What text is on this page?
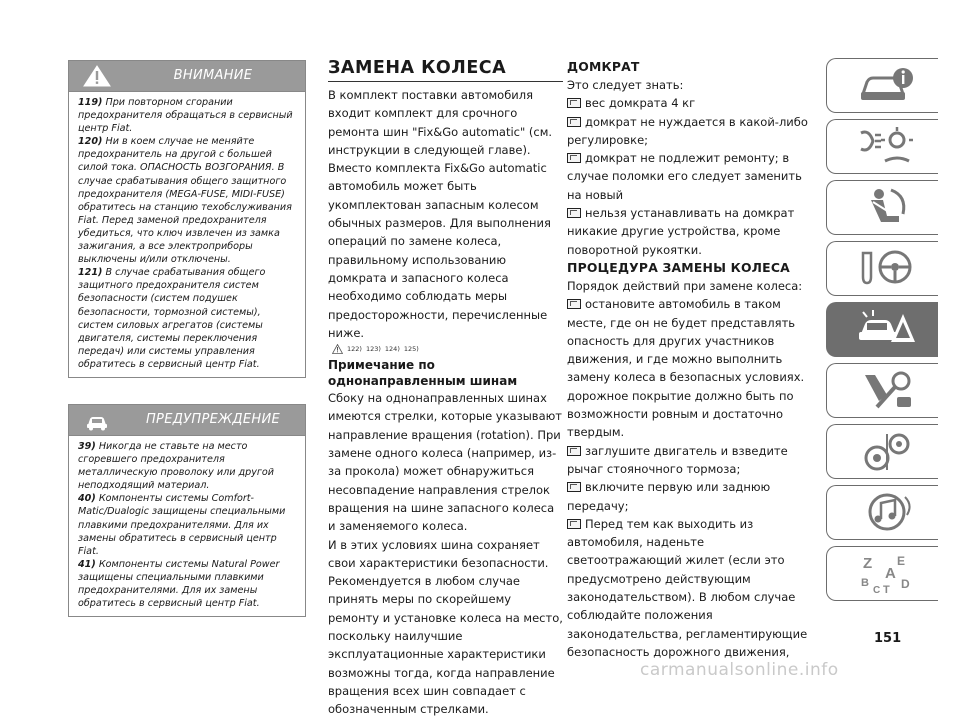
ВНИМАНИЕ

119) При повторном сгорании предохранителя обращаться в сервисный центр Fiat.

120) Ни в коем случае не меняйте предохранитель на другой с большей силой тока. ОПАСНОСТЬ ВОЗГОРАНИЯ. В случае срабатывания общего защитного предохранителя (MEGA-FUSE, MIDI-FUSE) обратитесь на станцию техобслуживания Fiat. Перед заменой предохранителя убедиться, что ключ извлечен из замка зажигания, а все электроприборы выключены и/или отключены.

121) В случае срабатывания общего защитного предохранителя систем безопасности (систем подушек безопасности, тормозной системы), систем силовых агрегатов (системы двигателя, системы переключения передач) или системы управления обратитесь в сервисный центр Fiat.

ПРЕДУПРЕЖДЕНИЕ

39) Никогда не ставьте на место сгоревшего предохранителя металлическую проволоку или другой неподходящий материал.

40) Компоненты системы Comfort-Matic/Dualogic защищены специальными плавкими предохранителями. Для их замены обратитесь в сервисный центр Fiat.

41) Компоненты системы Natural Power защищены специальными плавкими предохранителями. Для их замены обратитесь в сервисный центр Fiat.

ЗАМЕНА КОЛЕСА

В комплект поставки автомобиля входит комплект для срочного ремонта шин "Fix&Go automatic" (см. инструкции в следующей главе). Вместо комплекта Fix&Go automatic автомобиль может быть укомплектован запасным колесом обычных размеров. Для выполнения операций по замене колеса, правильному использованию домкрата и запасного колеса необходимо соблюдать меры предосторожности, перечисленные ниже.

122) 123) 124) 125)
Примечание по однонаправленным шинам

Сбоку на однонаправленных шинах имеются стрелки, которые указывают направление вращения (rotation). При замене одного колеса (например, из-за прокола) может обнаружиться несовпадение направления стрелок вращения на шине запасного колеса и заменяемого колеса.

И в этих условиях шина сохраняет свои характеристики безопасности. Рекомендуется в любом случае принять меры по скорейшему ремонту и установке колеса на место, поскольку наилучшие эксплуатационные характеристики возможны тогда, когда направление вращения всех шин совпадает с обозначенным стрелками.

ДОМКРАТ

Это следует знать:

вес домкрата 4 кг

домкрат не нуждается в какой-либо регулировке;

домкрат не подлежит ремонту; в случае поломки его следует заменить на новый

нельзя устанавливать на домкрат никакие другие устройства, кроме поворотной рукоятки.

ПРОЦЕДУРА ЗАМЕНЫ КОЛЕСА

Порядок действий при замене колеса:

остановите автомобиль в таком месте, где он не будет представлять опасность для других участников движения, и где можно выполнить замену колеса в безопасных условиях. дорожное покрытие должно быть по возможности ровным и достаточно твердым.

заглушите двигатель и взведите рычаг стояночного тормоза;

включите первую или заднюю передачу;

Перед тем как выходить из автомобиля, наденьте светоотражающий жилет (если это предусмотрено действующим законодательством). В любом случае соблюдайте положения законодательства, регламентирующие безопасность дорожного движения,

Z E
A
B
C T D
151
carmanualsonline.info
